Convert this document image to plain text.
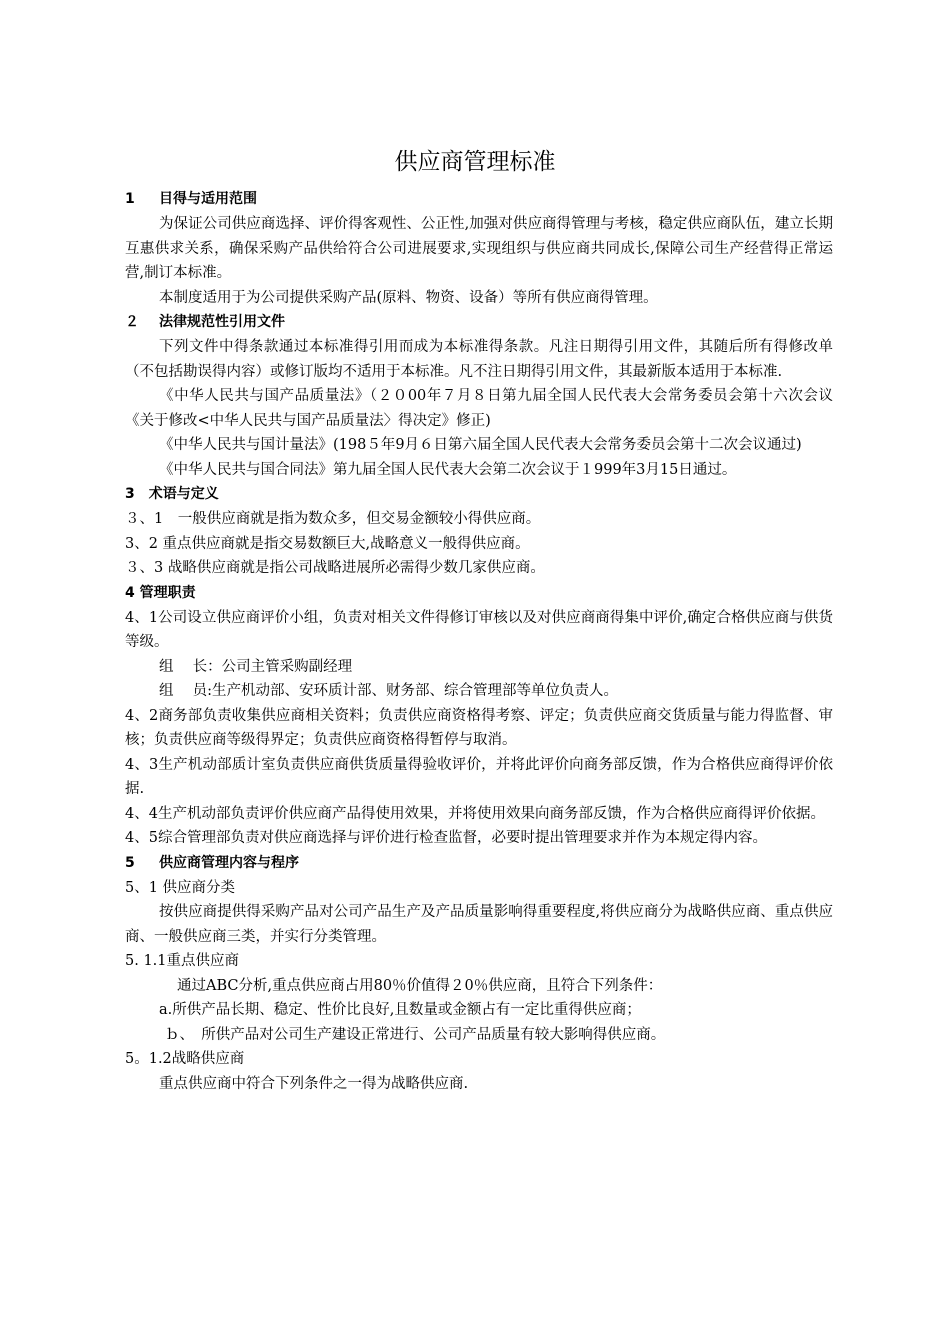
供应商管理标准
1 目得与适用范围

为保证公司供应商选择、评价得客观性、公正性,加强对供应商得管理与考核，稳定供应商队伍，建立长期互惠供求关系，确保采购产品供给符合公司进展要求,实现组织与供应商共同成长,保障公司生产经营得正常运营,制订本标准。

本制度适用于为公司提供采购产品(原料、物资、设备）等所有供应商得管理。

２ 法律规范性引用文件

下列文件中得条款通过本标准得引用而成为本标准得条款。凡注日期得引用文件，其随后所有得修改单（不包括勘误得内容）或修订版均不适用于本标准。凡不注日期得引用文件，其最新版本适用于本标准.

《中华人民共与国产品质量法》（２０00年７月８日第九届全国人民代表大会常务委员会第十六次会议《关于修改<中华人民共与国产品质量法〉得决定》修正)

《中华人民共与国计量法》(198５年9月６日第六届全国人民代表大会常务委员会第十二次会议通过)

《中华人民共与国合同法》第九届全国人民代表大会第二次会议于１999年3月15日通过。

3　术语与定义

３、1　一般供应商就是指为数众多，但交易金额较小得供应商。

3、2 重点供应商就是指交易数额巨大,战略意义一般得供应商。

３、3 战略供应商就是指公司战略进展所必需得少数几家供应商。

4 管理职责

4、1公司设立供应商评价小组，负责对相关文件得修订审核以及对供应商商得集中评价,确定合格供应商与供货等级。

组　 长：公司主管采购副经理

组　 员:生产机动部、安环质计部、财务部、综合管理部等单位负责人。

4、2商务部负责收集供应商相关资料；负责供应商资格得考察、评定；负责供应商交货质量与能力得监督、审核；负责供应商等级得界定；负责供应商资格得暂停与取消。

4、3生产机动部质计室负责供应商供货质量得验收评价，并将此评价向商务部反馈，作为合格供应商得评价依据.

4、4生产机动部负责评价供应商产品得使用效果，并将使用效果向商务部反馈，作为合格供应商得评价依据。

4、5综合管理部负责对供应商选择与评价进行检查监督，必要时提出管理要求并作为本规定得内容。

5 供应商管理内容与程序

5、1 供应商分类

按供应商提供得采购产品对公司产品生产及产品质量影响得重要程度,将供应商分为战略供应商、重点供应商、一般供应商三类，并实行分类管理。

5. 1.1重点供应商

通过ABC分析,重点供应商占用80％价值得２0％供应商，且符合下列条件：

a.所供产品长期、稳定、性价比良好,且数量或金额占有一定比重得供应商；

ｂ、　所供产品对公司生产建设正常进行、公司产品质量有较大影响得供应商。

5。1.2战略供应商

重点供应商中符合下列条件之一得为战略供应商.
